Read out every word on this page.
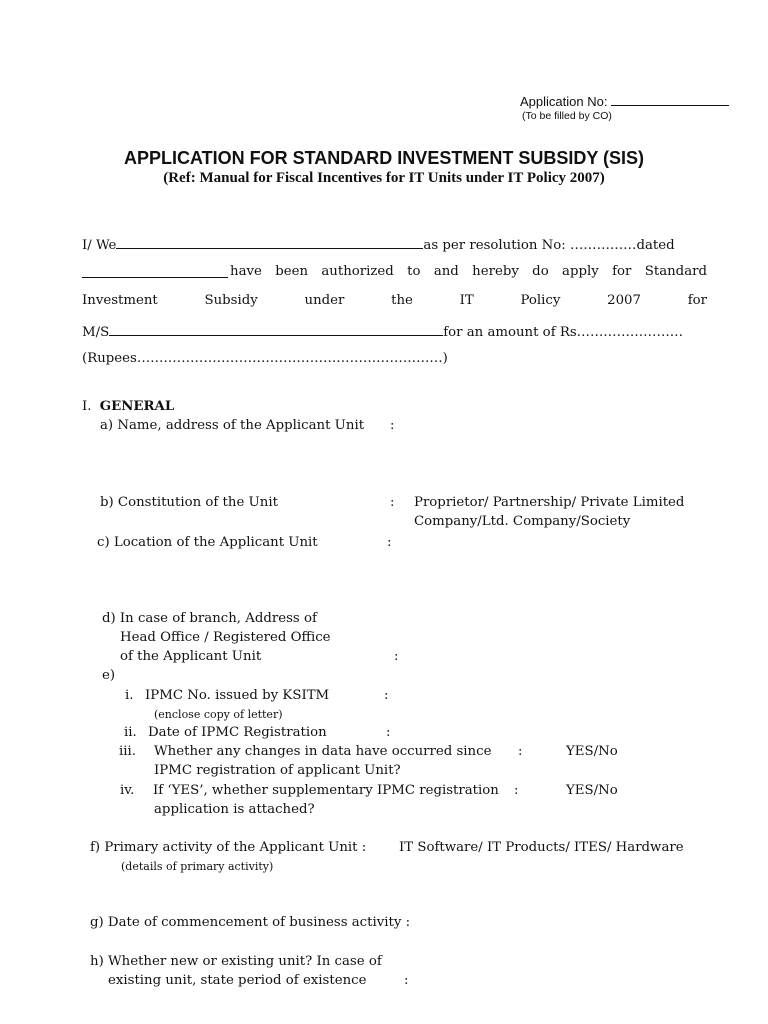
Application No:
(To be filled by CO)
APPLICATION FOR STANDARD INVESTMENT SUBSIDY (SIS)
(Ref: Manual for Fiscal Incentives for IT Units under IT Policy 2007)
I/ We	as per resolution No: ……………dated
have been authorized to and hereby do apply for Standard
Investment	Subsidy	under	the	IT	Policy	2007	for
M/S	for an amount of Rs……………………
(Rupees……………………………………………………………)
I. GENERAL
a) Name, address of the Applicant Unit :
b) Constitution of the Unit	: Proprietor/ Partnership/ Private Limited
Company/Ltd. Company/Society
c) Location of the Applicant Unit	:
d) In case of branch, Address of
Head Office / Registered Office
of the Applicant Unit	:
e)
i. IPMC No. issued by KSITM	:
(enclose copy of letter)
ii. Date of IPMC Registration	:
iii. Whether any changes in data have occurred since :	YES/No
IPMC registration of applicant Unit?
iv. If ‘YES’, whether supplementary IPMC registration :	YES/No
application is attached?
f) Primary activity of the Applicant Unit : IT Software/ IT Products/ ITES/ Hardware
(details of primary activity)
g) Date of commencement of business activity :
h) Whether new or existing unit? In case of
existing unit, state period of existence	:
